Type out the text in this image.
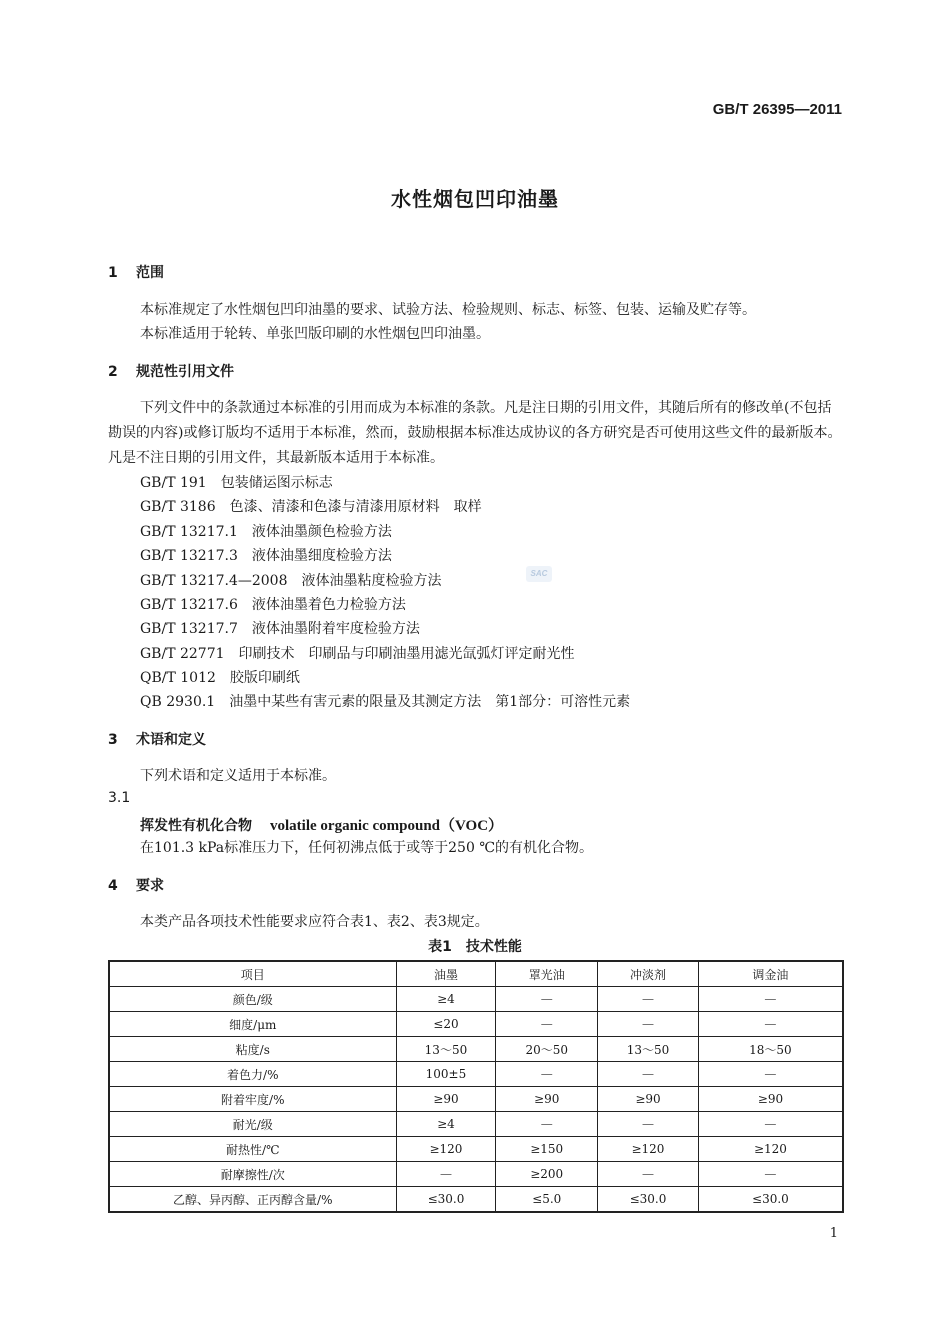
GB/T 26395—2011
水性烟包凹印油墨
1 范围
本标准规定了水性烟包凹印油墨的要求、试验方法、检验规则、标志、标签、包装、运输及贮存等。
本标准适用于轮转、单张凹版印刷的水性烟包凹印油墨。
2 规范性引用文件
下列文件中的条款通过本标准的引用而成为本标准的条款。凡是注日期的引用文件，其随后所有的修改单(不包括勘误的内容)或修订版均不适用于本标准，然而，鼓励根据本标准达成协议的各方研究是否可使用这些文件的最新版本。凡是不注日期的引用文件，其最新版本适用于本标准。
GB/T 191　包装储运图示标志
GB/T 3186　色漆、清漆和色漆与清漆用原材料　取样
GB/T 13217.1　液体油墨颜色检验方法
GB/T 13217.3　液体油墨细度检验方法
GB/T 13217.4—2008　液体油墨粘度检验方法
GB/T 13217.6　液体油墨着色力检验方法
GB/T 13217.7　液体油墨附着牢度检验方法
GB/T 22771　印刷技术　印刷品与印刷油墨用滤光氙弧灯评定耐光性
QB/T 1012　胶版印刷纸
QB 2930.1　油墨中某些有害元素的限量及其测定方法　第1部分：可溶性元素
SAC
3 术语和定义
下列术语和定义适用于本标准。
3.1
挥发性有机化合物 volatile organic compound（VOC）
在101.3 kPa标准压力下，任何初沸点低于或等于250 ℃的有机化合物。
4 要求
本类产品各项技术性能要求应符合表1、表2、表3规定。
表1　技术性能
项目	油墨	罩光油	冲淡剂	调金油
颜色/级	≥4	—	—	—
细度/μm	≤20	—	—	—
粘度/s	13～50	20～50	13～50	18～50
着色力/%	100±5	—	—	—
附着牢度/%	≥90	≥90	≥90	≥90
耐光/级	≥4	—	—	—
耐热性/℃	≥120	≥150	≥120	≥120
耐摩擦性/次	—	≥200	—	—
乙醇、异丙醇、正丙醇含量/%	≤30.0	≤5.0	≤30.0	≤30.0
1
